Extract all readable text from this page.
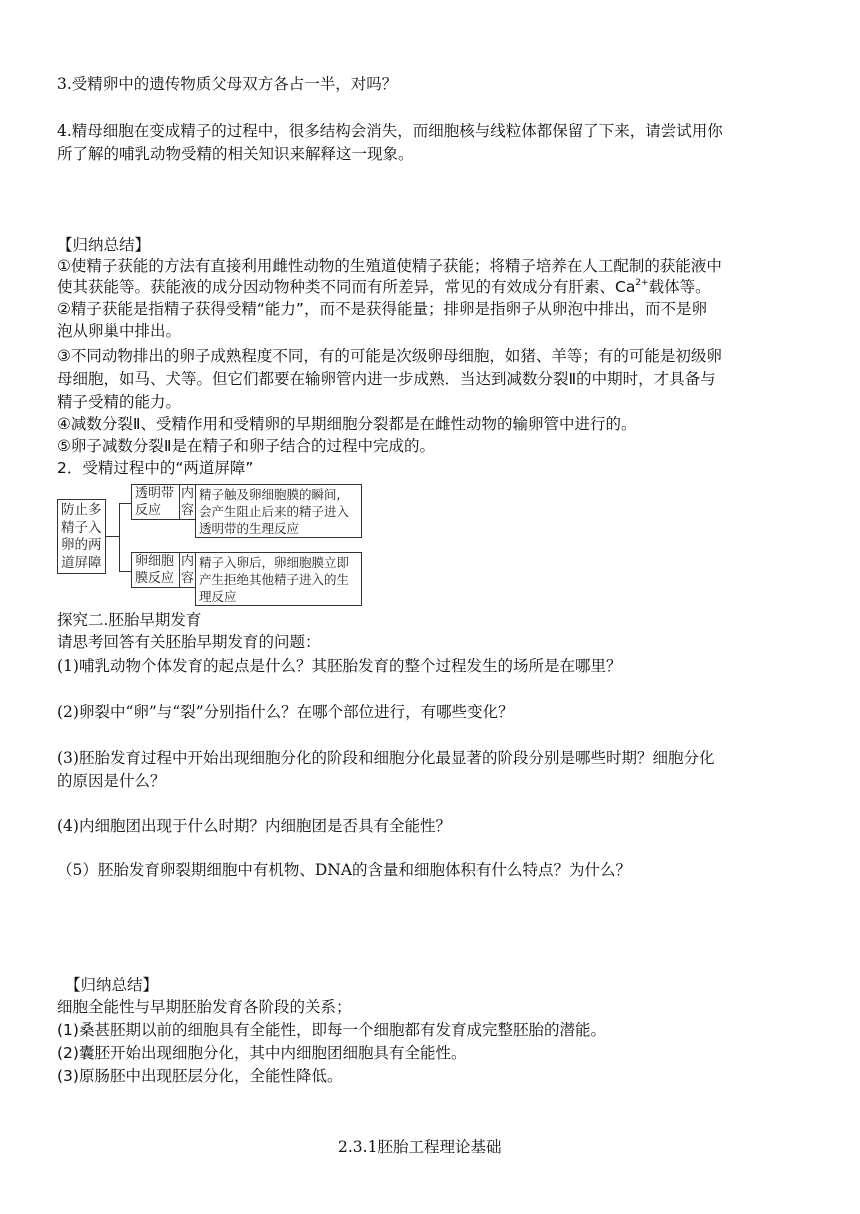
3.受精卵中的遗传物质父母双方各占一半，对吗？
4.精母细胞在变成精子的过程中，很多结构会消失，而细胞核与线粒体都保留了下来，请尝试用你
所了解的哺乳动物受精的相关知识来解释这一现象。
【归纳总结】
①使精子获能的方法有直接利用雌性动物的生殖道使精子获能；将精子培养在人工配制的获能液中
使其获能等。获能液的成分因动物种类不同而有所差异，常见的有效成分有肝素、$Ca^{2+}$载体等。
②精子获能是指精子获得受精“能力”，而不是获得能量；排卵是指卵子从卵泡中排出，而不是卵
泡从卵巢中排出。
③不同动物排出的卵子成熟程度不同，有的可能是次级卵母细胞，如猪、羊等；有的可能是初级卵
母细胞，如马、犬等。但它们都要在输卵管内进一步成熟．当达到减数分裂Ⅱ的中期时，才具备与
精子受精的能力。
④减数分裂Ⅱ、受精作用和受精卵的早期细胞分裂都是在雌性动物的输卵管中进行的。
⑤卵子减数分裂Ⅱ是在精子和卵子结合的过程中完成的。
2．受精过程中的“两道屏障”
防止多
精子入
卵的两
道屏障
透明带
反应
内
容
精子触及卵细胞膜的瞬间,
会产生阻止后来的精子进入
透明带的生理反应
卵细胞
膜反应
内
容
精子入卵后，卵细胞膜立即
产生拒绝其他精子进入的生
理反应
探究二.胚胎早期发育
请思考回答有关胚胎早期发育的问题：
(1)哺乳动物个体发育的起点是什么？其胚胎发育的整个过程发生的场所是在哪里？
(2)卵裂中“卵”与“裂”分别指什么？在哪个部位进行，有哪些变化？
(3)胚胎发育过程中开始出现细胞分化的阶段和细胞分化最显著的阶段分别是哪些时期？细胞分化
的原因是什么？
(4)内细胞团出现于什么时期？内细胞团是否具有全能性？
（5）胚胎发育卵裂期细胞中有机物、DNA的含量和细胞体积有什么特点？为什么？
【归纳总结】
细胞全能性与早期胚胎发育各阶段的关系；
(1)桑甚胚期以前的细胞具有全能性，即每一个细胞都有发育成完整胚胎的潜能。
(2)囊胚开始出现细胞分化，其中内细胞团细胞具有全能性。
(3)原肠胚中出现胚层分化，全能性降低。
2.3.1胚胎工程理论基础
